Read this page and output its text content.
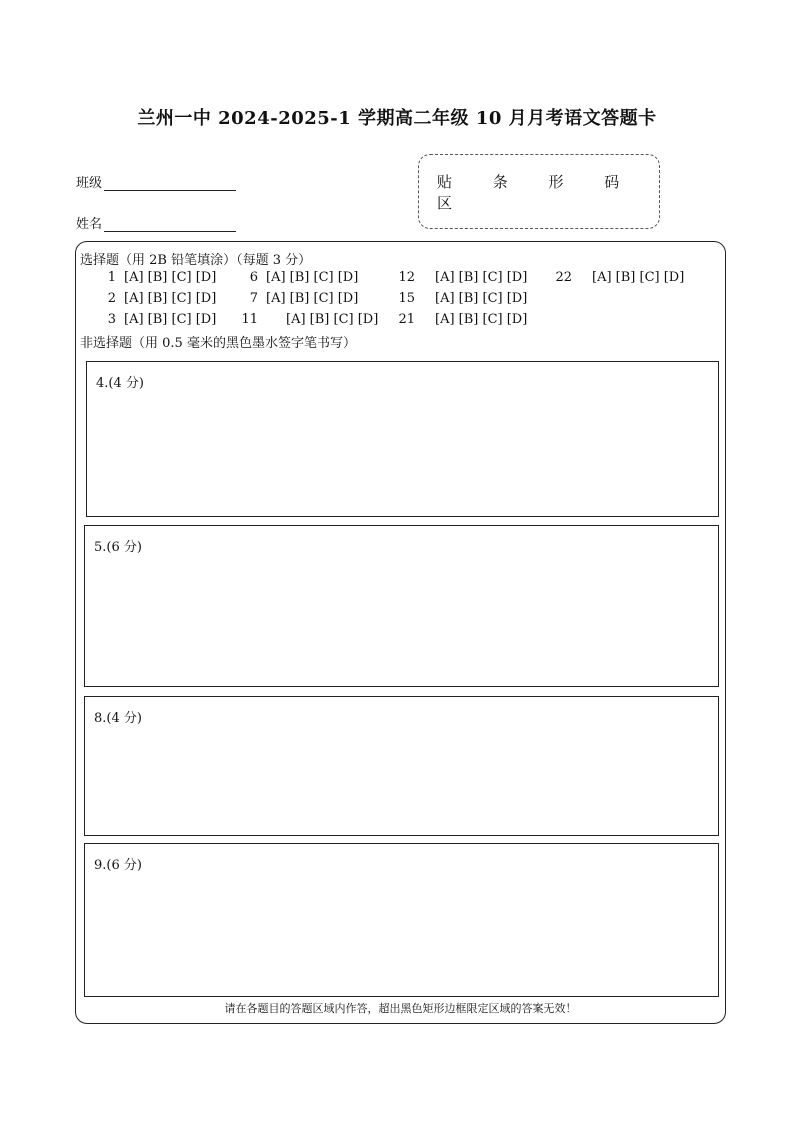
兰州一中 2024-2025-1 学期高二年级 10 月月考语文答题卡
班级
姓名
贴 条 形 码 区
选择题（用 2B 铅笔填涂）（每题 3 分）
1 [A] [B] [C] [D]	6 [A] [B] [C] [D]	12 [A] [B] [C] [D] 22 [A] [B] [C] [D]
2 [A] [B] [C] [D]	7 [A] [B] [C] [D]	15 [A] [B] [C] [D]
3 [A] [B] [C] [D] 11 [A] [B] [C] [D] 21 [A] [B] [C] [D]
非选择题（用 0.5 毫米的黑色墨水签字笔书写）
4.(4 分)
5.(6 分)
8.(4 分)
9.(6 分)
请在各题目的答题区域内作答，超出黑色矩形边框限定区域的答案无效！
